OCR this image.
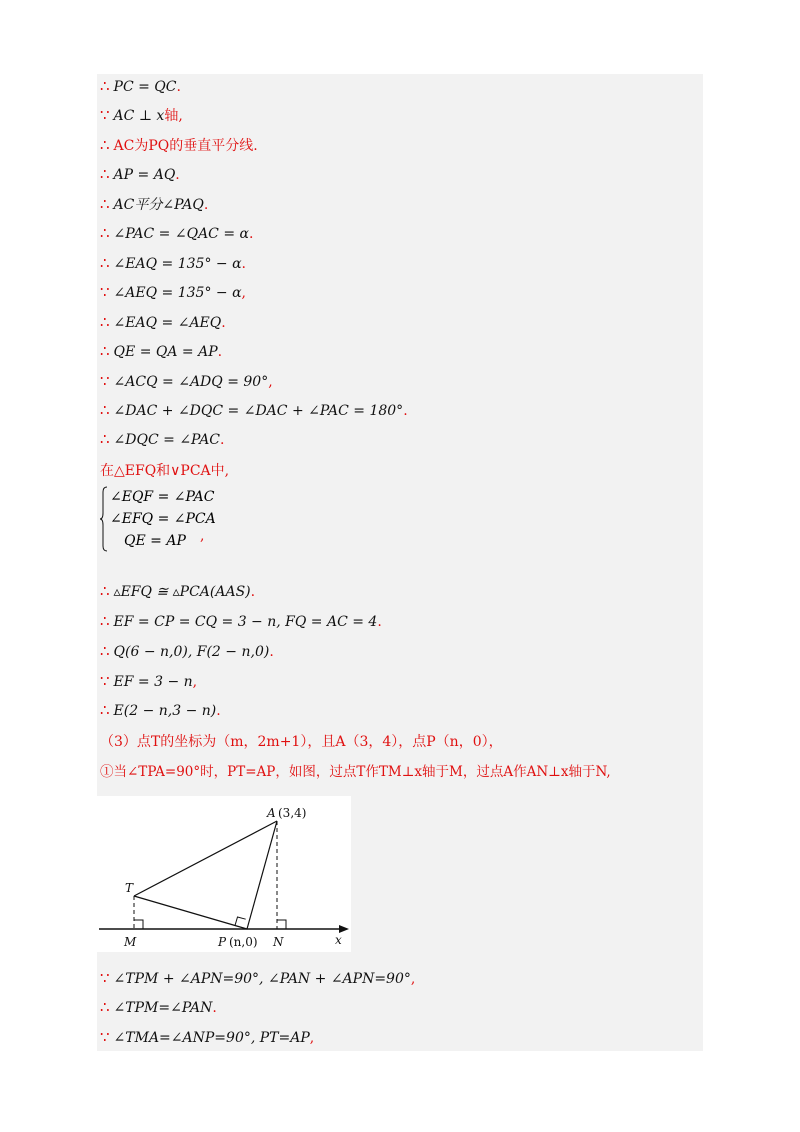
∴ PC = QC.
∵ AC ⊥ x轴,
∴ AC为PQ的垂直平分线.
∴ AP = AQ.
∴ AC平分∠PAQ.
∴ ∠PAC = ∠QAC = α.
∴ ∠EAQ = 135° − α.
∵ ∠AEQ = 135° − α,
∴ ∠EAQ = ∠AEQ.
∴ QE = QA = AP.
∵ ∠ACQ = ∠ADQ = 90°,
∴ ∠DAC + ∠DQC = ∠DAC + ∠PAC = 180°.
∴ ∠DQC = ∠PAC.
在△EFQ和∨PCA中,
∠EQF = ∠PAC
∠EFQ = ∠PCA
QE = AP	,
∴ ▵EFQ ≅ ▵PCA(AAS).
∴ EF = CP = CQ = 3 − n, FQ = AC = 4.
∴ Q(6 − n,0), F(2 − n,0).
∵ EF = 3 − n,
∴ E(2 − n,3 − n).
（3）点T的坐标为（m，2m+1），且A（3，4），点P（n，0），
①当∠TPA=90°时，PT=AP，如图，过点T作TM⊥x轴于M，过点A作AN⊥x轴于N,
A (3,4)
T
M	P (n,0) N	x
∵ ∠TPM + ∠APN=90°, ∠PAN + ∠APN=90°,
∴ ∠TPM=∠PAN.
∵ ∠TMA=∠ANP=90°, PT=AP,
